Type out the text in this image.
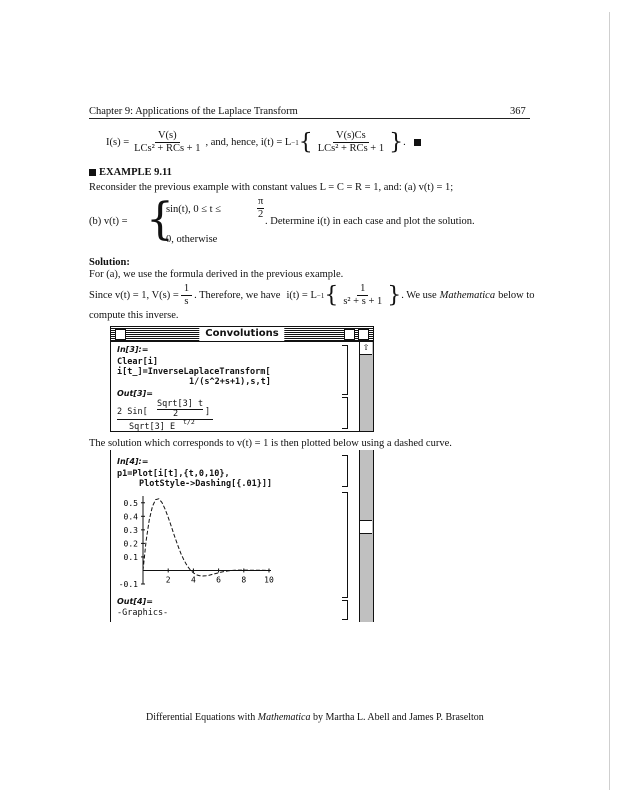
Chapter 9: Applications of the Laplace Transform	367
$I(s) = \frac{V(s)}{\text{LCs² + RCs + 1}}$ , and, hence, i(t) = L −1 { $\frac{V(s)Cs}{\text{LCs² + RCs + 1}}$ } .
EXAMPLE 9.11
Reconsider the previous example with constant values L = C = R = 1, and: (a) v(t) = 1;
(b) v(t) = {
sin(t), 0 ≤ t ≤
π
2
. Determine i(t) in each case and plot the solution.
0, otherwise
Solution:
For (a), we use the formula derived in the previous example.
Since v(t) = 1, $V(s) = \frac{1}{s}$ . Therefore, we have i(t) = L −1 { $\frac{1}{\text{s² + s + 1}}$ } . We use Mathematica below to
compute this inverse.
Convolutions
⇧
In[3]:=
Clear[i]
i[t_]=InverseLaplaceTransform[
1/(s^2+s+1),s,t]
Out[3]=
2 Sin[
Sqrt[3] t
2	]
Sqrt[3] E t/2
The solution which corresponds to v(t) = 1 is then plotted below using a dashed curve.
In[4]:=
p1=Plot[i[t],{t,0,10},
PlotStyle->Dashing[{.01}]]
2	4	6	8 10
0.5
0.4
0.3
0.2
0.1
-0.1
Out[4]=
-Graphics-
Differential Equations with Mathematica by Martha L. Abell and James P. Braselton
